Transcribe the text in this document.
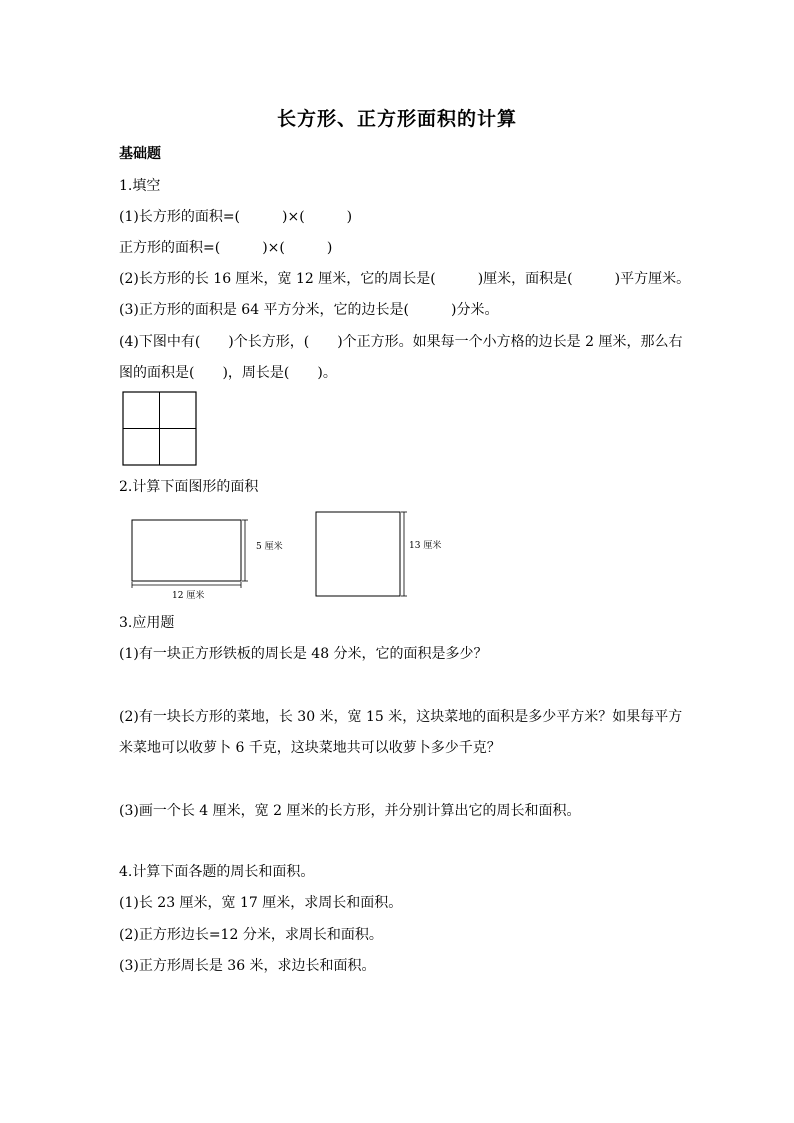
长方形、正方形面积的计算
基础题
1.填空
(1)长方形的面积=(　　　)×(　　　)
正方形的面积=(　　　)×(　　　)
(2)长方形的长 16 厘米，宽 12 厘米，它的周长是(　　　)厘米，面积是(　　　)平方厘米。
(3)正方形的面积是 64 平方分米，它的边长是(　　　)分米。
(4)下图中有(　　)个长方形，(　　)个正方形。如果每一个小方格的边长是 2 厘米，那么右
图的面积是(　　)，周长是(　　)。
2.计算下面图形的面积
5 厘米
12 厘米
13 厘米
3.应用题
(1)有一块正方形铁板的周长是 48 分米，它的面积是多少？
(2)有一块长方形的菜地，长 30 米，宽 15 米，这块菜地的面积是多少平方米？如果每平方
米菜地可以收萝卜 6 千克，这块菜地共可以收萝卜多少千克？
(3)画一个长 4 厘米，宽 2 厘米的长方形，并分别计算出它的周长和面积。
4.计算下面各题的周长和面积。
(1)长 23 厘米，宽 17 厘米，求周长和面积。
(2)正方形边长=12 分米，求周长和面积。
(3)正方形周长是 36 米，求边长和面积。
